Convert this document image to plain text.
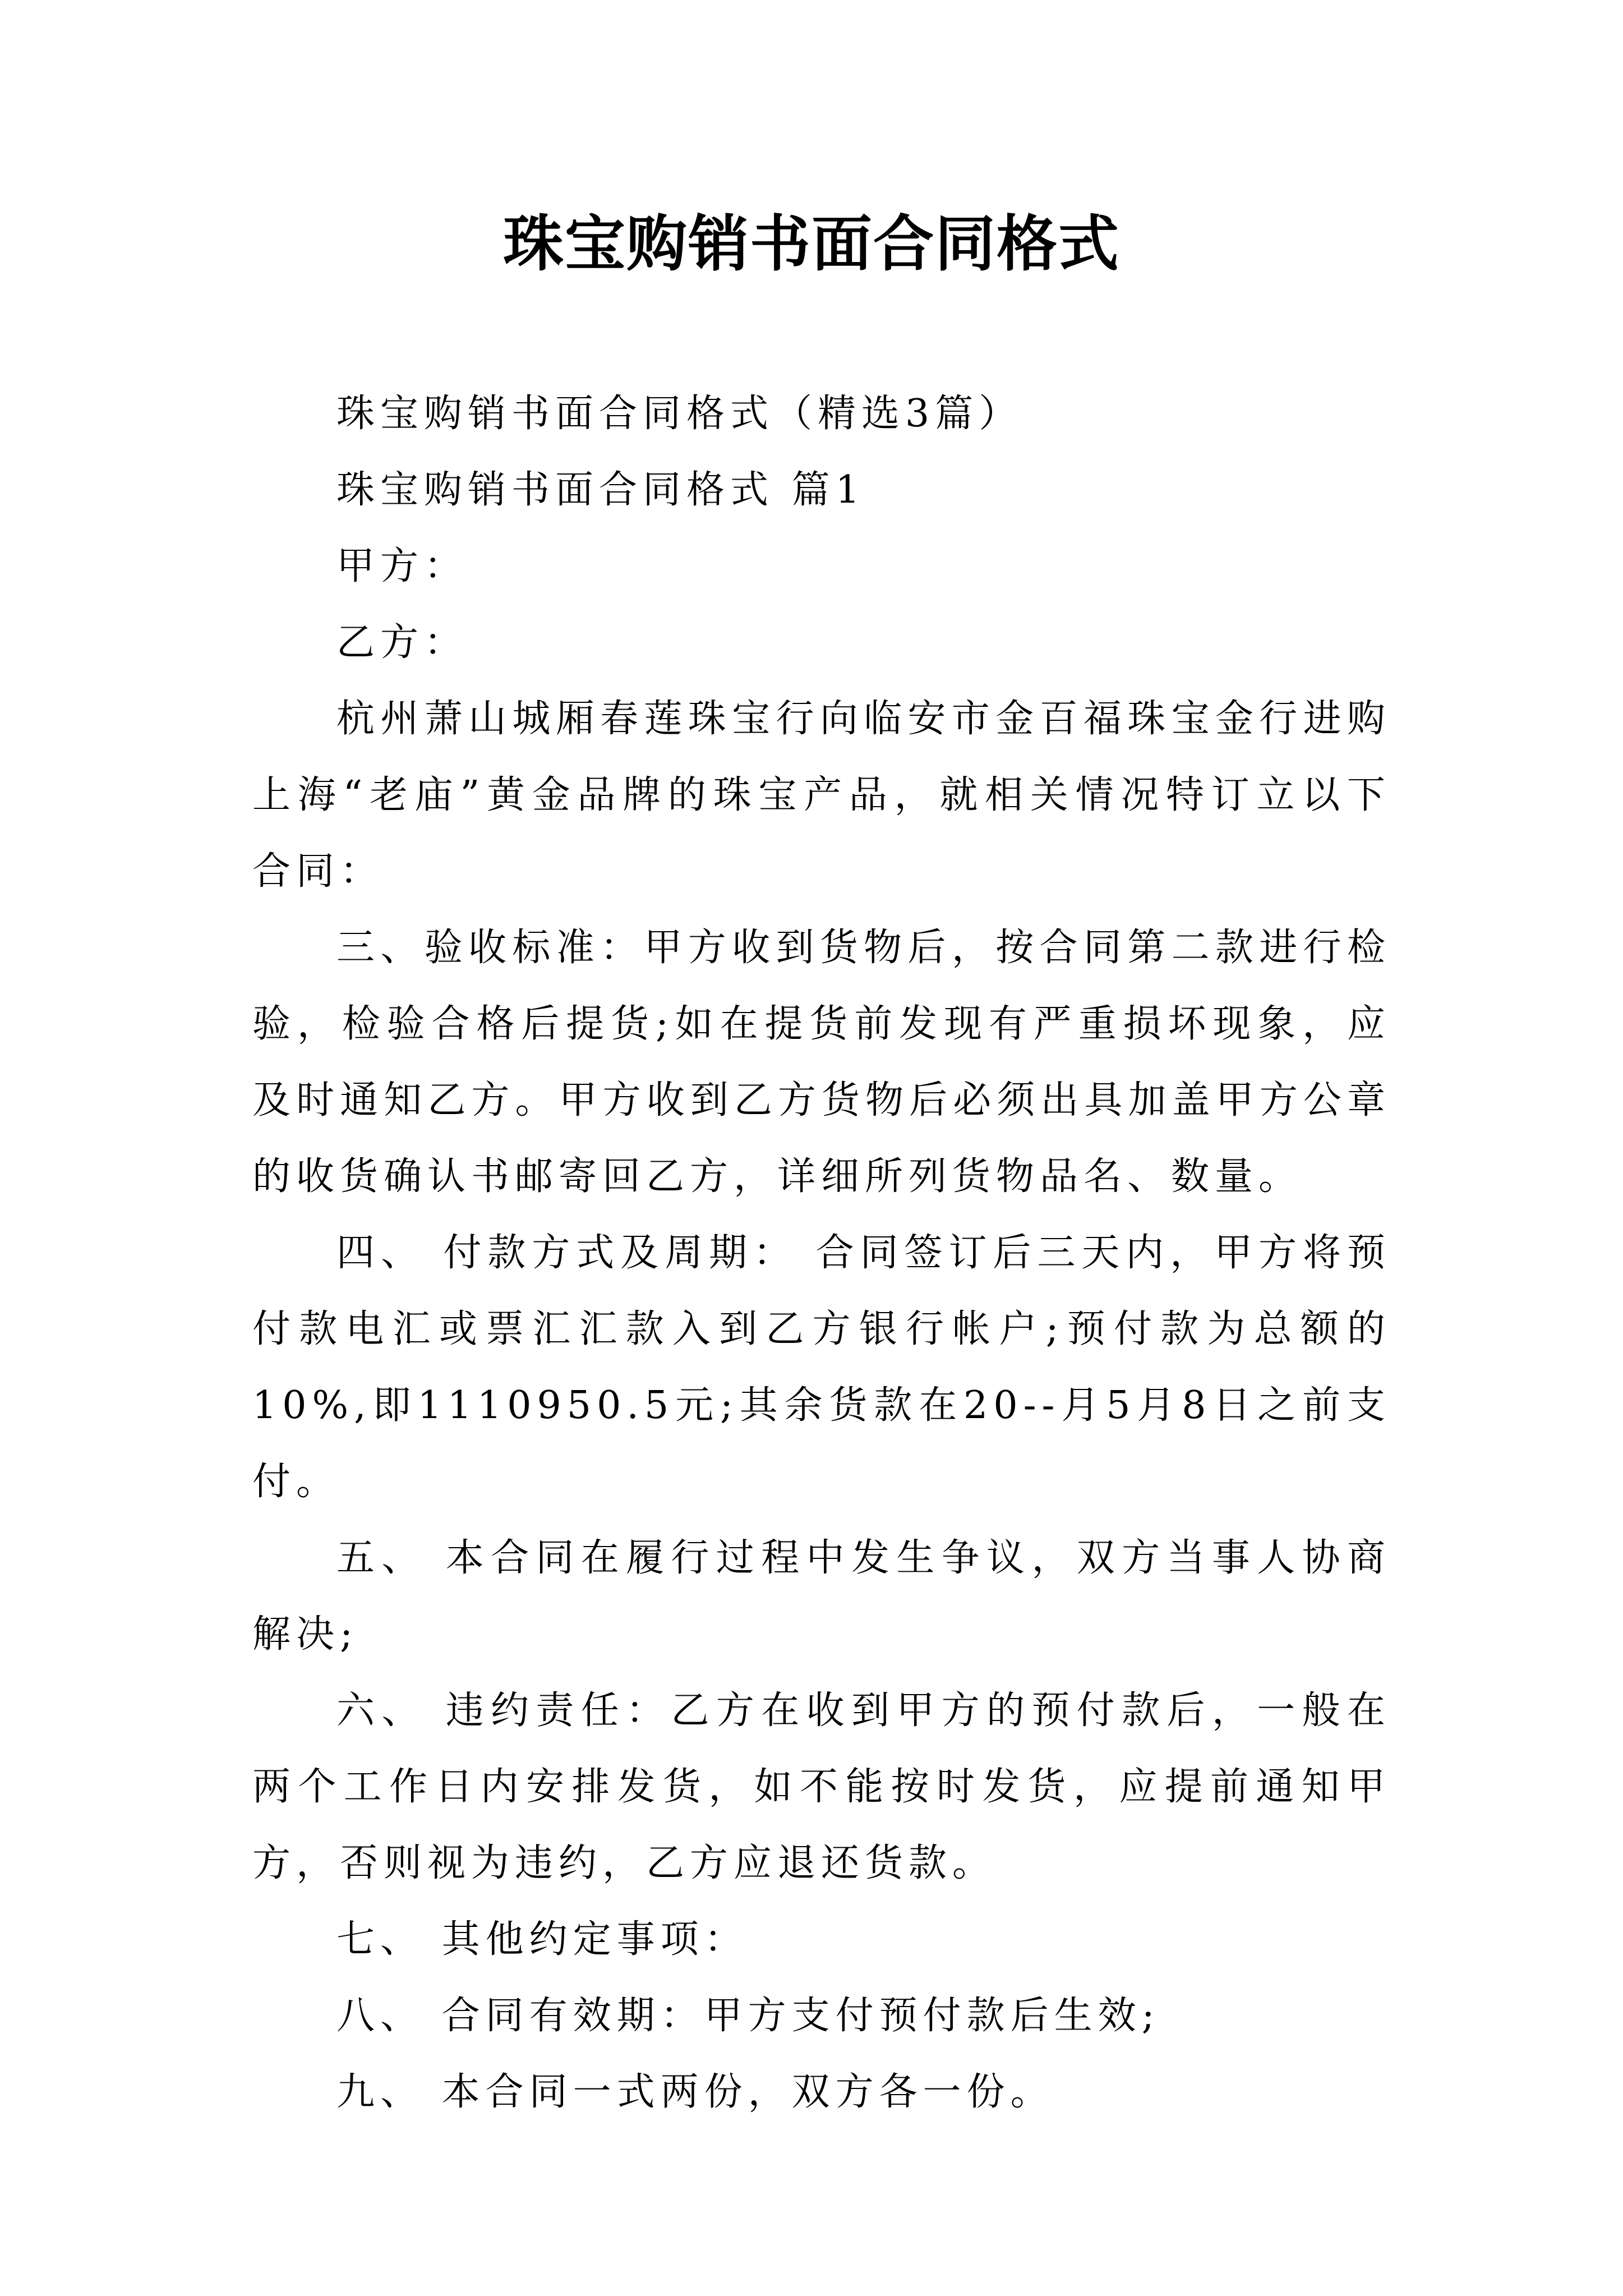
珠宝购销书面合同格式

珠宝购销书面合同格式（精选3篇）

珠宝购销书面合同格式 篇1

甲方：

乙方：

杭州萧山城厢春莲珠宝行向临安市金百福珠宝金行进购上海“老庙”黄金品牌的珠宝产品，就相关情况特订立以下合同：

三、验收标准：甲方收到货物后，按合同第二款进行检验，检验合格后提货;如在提货前发现有严重损坏现象，应及时通知乙方。甲方收到乙方货物后必须出具加盖甲方公章的收货确认书邮寄回乙方，详细所列货物品名、数量。

四、 付款方式及周期： 合同签订后三天内，甲方将预付款电汇或票汇汇款入到乙方银行帐户;预付款为总额的10%,即1110950.5元;其余货款在20--月5月8日之前支付。

五、 本合同在履行过程中发生争议，双方当事人协商解决;

六、 违约责任：乙方在收到甲方的预付款后，一般在两个工作日内安排发货，如不能按时发货，应提前通知甲方，否则视为违约，乙方应退还货款。

七、 其他约定事项：

八、 合同有效期：甲方支付预付款后生效;

九、 本合同一式两份，双方各一份。
